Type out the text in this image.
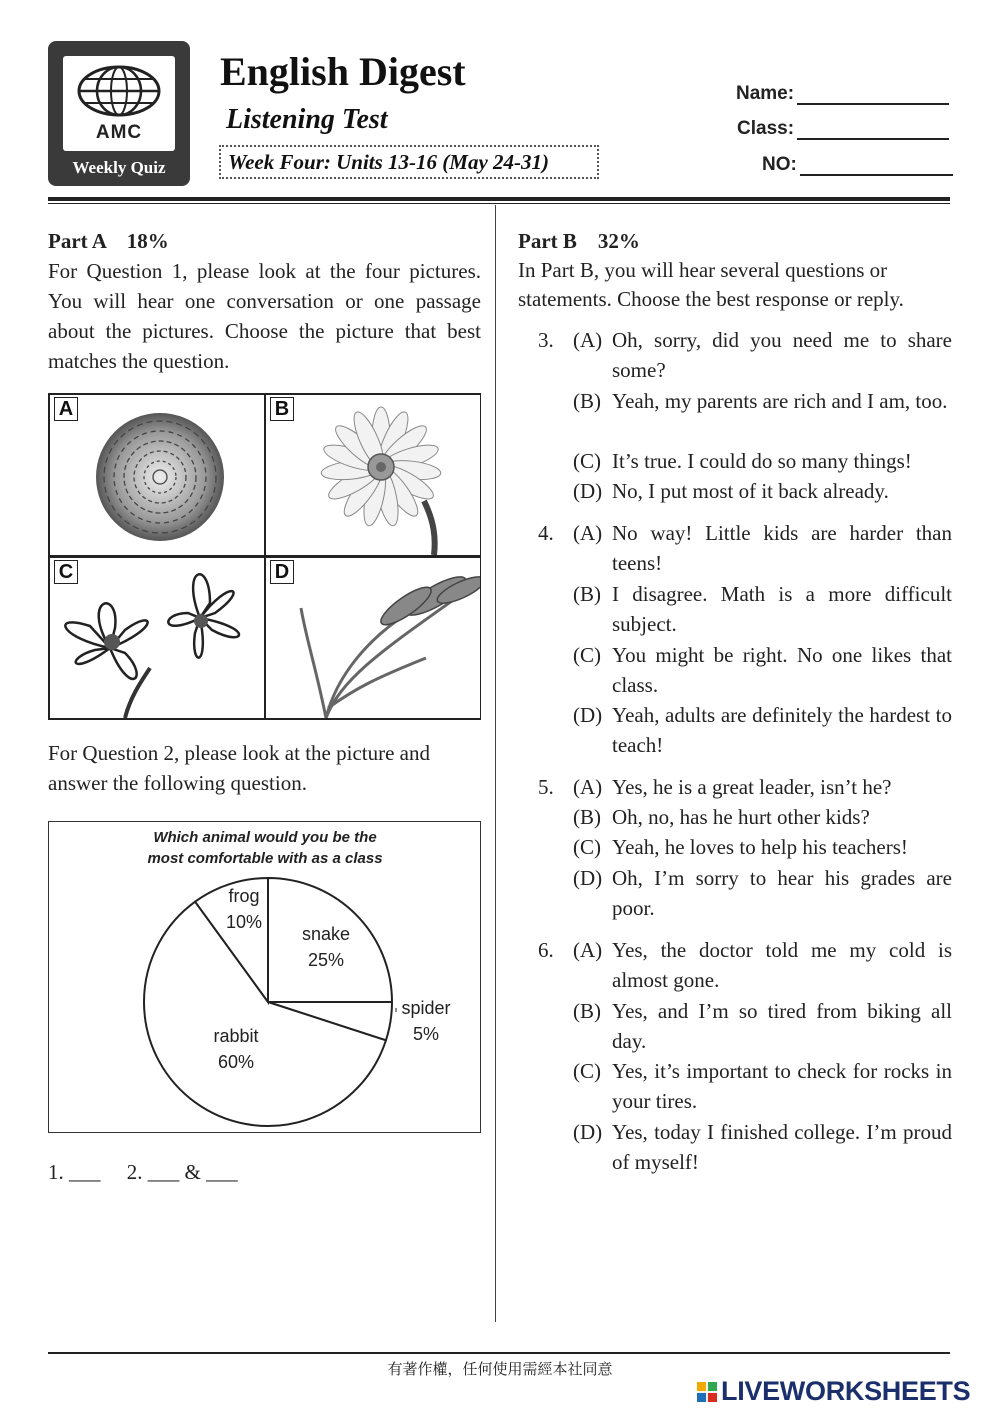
AMC
Weekly Quiz
English Digest
Listening Test
Week Four: Units 13-16 (May 24-31)
Name:
Class:
NO:
Part A    18%
For Question 1, please look at the four pictures. You will hear one conversation or one passage about the pictures. Choose the picture that best matches the question.
A	B
C	D
For Question 2, please look at the picture and answer the following question.
Which animal would you be the most comfortable with as a class
snake
25%
spider
5%
rabbit
60%
frog
10%
1. ___     2. ___ & ___
Part B    32%
In Part B, you will hear several questions or statements. Choose the best response or reply.
3. (A) Oh, sorry, did you need me to share some?
(B) Yeah, my parents are rich and I am, too.
(C) It’s true. I could do so many things!
(D) No, I put most of it back already.
4. (A) No way! Little kids are harder than teens!
(B) I disagree. Math is a more difficult subject.
(C) You might be right. No one likes that class.
(D) Yeah, adults are definitely the hardest to teach!
5. (A) Yes, he is a great leader, isn’t he?
(B) Oh, no, has he hurt other kids?
(C) Yeah, he loves to help his teachers!
(D) Oh, I’m sorry to hear his grades are poor.
6. (A) Yes, the doctor told me my cold is almost gone.
(B) Yes, and I’m so tired from biking all day.
(C) Yes, it’s important to check for rocks in your tires.
(D) Yes, today I finished college. I’m proud of myself!
有著作權，任何使用需經本社同意
LIVEWORKSHEETS
